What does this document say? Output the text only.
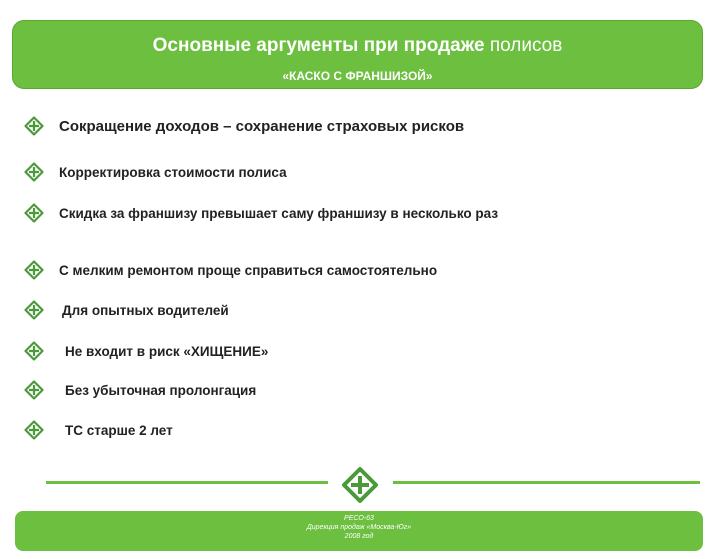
Основные аргументы при продаже полисов
«КАСКО С ФРАНШИЗОЙ»
Сокращение доходов – сохранение страховых рисков
Корректировка стоимости полиса
Скидка за франшизу превышает саму франшизу в несколько раз
С мелким ремонтом проще справиться самостоятельно
Для опытных водителей
Не входит в риск «ХИЩЕНИЕ»
Без убыточная пролонгация
ТС старше 2 лет
РЕСО-63
Дирекция продаж «Москва-Юг»
2008 год
